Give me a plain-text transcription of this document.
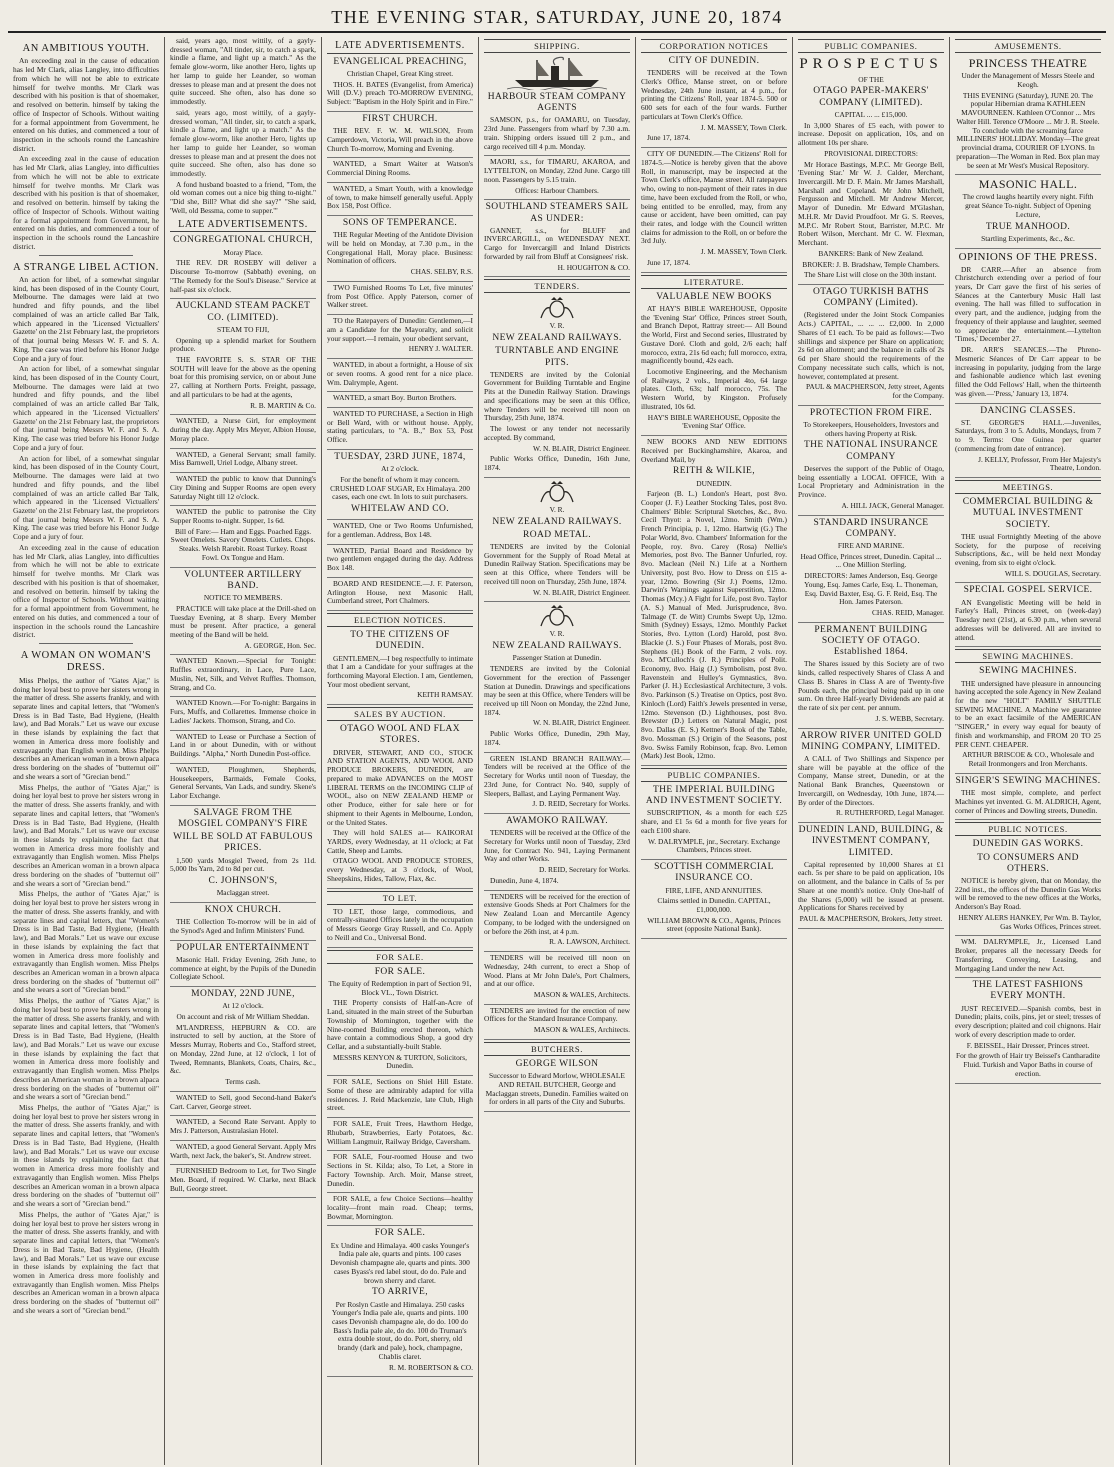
THE EVENING STAR, SATURDAY, JUNE 20, 1874
AN AMBITIOUS YOUTH.

An exceeding zeal in the cause of education has led Mr Clark, alias Langley, into difficulties from which he will not be able to extricate himself for twelve months. Mr Clark was described with his position is that of shoemaker, and resolved on betterin. himself by taking the office of Inspector of Schools. Without waiting for a formal appointment from Government, he entered on his duties, and commenced a tour of inspection in the schools round the Lancashire district.

An exceeding zeal in the cause of education has led Mr Clark, alias Langley, into difficulties from which he will not be able to extricate himself for twelve months. Mr Clark was described with his position is that of shoemaker, and resolved on betterin. himself by taking the office of Inspector of Schools. Without waiting for a formal appointment from Government, he entered on his duties, and commenced a tour of inspection in the schools round the Lancashire district.

A STRANGE LIBEL ACTION.

An action for libel, of a somewhat singular kind, has been disposed of in the County Court, Melbourne. The damages were laid at two hundred and fifty pounds, and the libel complained of was an article called Bar Talk, which appeared in the 'Licensed Victuallers' Gazette' on the 21st February last, the proprietors of that journal being Messrs W. F. and S. A. King. The case was tried before his Honor Judge Cope and a jury of four.

An action for libel, of a somewhat singular kind, has been disposed of in the County Court, Melbourne. The damages were laid at two hundred and fifty pounds, and the libel complained of was an article called Bar Talk, which appeared in the 'Licensed Victuallers' Gazette' on the 21st February last, the proprietors of that journal being Messrs W. F. and S. A. King. The case was tried before his Honor Judge Cope and a jury of four.

An action for libel, of a somewhat singular kind, has been disposed of in the County Court, Melbourne. The damages were laid at two hundred and fifty pounds, and the libel complained of was an article called Bar Talk, which appeared in the 'Licensed Victuallers' Gazette' on the 21st February last, the proprietors of that journal being Messrs W. F. and S. A. King. The case was tried before his Honor Judge Cope and a jury of four.

An exceeding zeal in the cause of education has led Mr Clark, alias Langley, into difficulties from which he will not be able to extricate himself for twelve months. Mr Clark was described with his position is that of shoemaker, and resolved on betterin. himself by taking the office of Inspector of Schools. Without waiting for a formal appointment from Government, he entered on his duties, and commenced a tour of inspection in the schools round the Lancashire district.

A WOMAN ON WOMAN'S DRESS.

Miss Phelps, the author of "Gates Ajar," is doing her loyal best to prove her sisters wrong in the matter of dress. She asserts frankly, and with separate lines and capital letters, that "Women's Dress is in Bad Taste, Bad Hygiene, (Health law), and Bad Morals." Let us wave our excuse in these islands by explaining the fact that women in America dress more foolishly and extravagantly than English women. Miss Phelps describes an American woman in a brown alpaca dress bordering on the shades of "butternut oil" and she wears a sort of "Grecian bend."

Miss Phelps, the author of "Gates Ajar," is doing her loyal best to prove her sisters wrong in the matter of dress. She asserts frankly, and with separate lines and capital letters, that "Women's Dress is in Bad Taste, Bad Hygiene, (Health law), and Bad Morals." Let us wave our excuse in these islands by explaining the fact that women in America dress more foolishly and extravagantly than English women. Miss Phelps describes an American woman in a brown alpaca dress bordering on the shades of "butternut oil" and she wears a sort of "Grecian bend."

Miss Phelps, the author of "Gates Ajar," is doing her loyal best to prove her sisters wrong in the matter of dress. She asserts frankly, and with separate lines and capital letters, that "Women's Dress is in Bad Taste, Bad Hygiene, (Health law), and Bad Morals." Let us wave our excuse in these islands by explaining the fact that women in America dress more foolishly and extravagantly than English women. Miss Phelps describes an American woman in a brown alpaca dress bordering on the shades of "butternut oil" and she wears a sort of "Grecian bend."

Miss Phelps, the author of "Gates Ajar," is doing her loyal best to prove her sisters wrong in the matter of dress. She asserts frankly, and with separate lines and capital letters, that "Women's Dress is in Bad Taste, Bad Hygiene, (Health law), and Bad Morals." Let us wave our excuse in these islands by explaining the fact that women in America dress more foolishly and extravagantly than English women. Miss Phelps describes an American woman in a brown alpaca dress bordering on the shades of "butternut oil" and she wears a sort of "Grecian bend."

Miss Phelps, the author of "Gates Ajar," is doing her loyal best to prove her sisters wrong in the matter of dress. She asserts frankly, and with separate lines and capital letters, that "Women's Dress is in Bad Taste, Bad Hygiene, (Health law), and Bad Morals." Let us wave our excuse in these islands by explaining the fact that women in America dress more foolishly and extravagantly than English women. Miss Phelps describes an American woman in a brown alpaca dress bordering on the shades of "butternut oil" and she wears a sort of "Grecian bend."

Miss Phelps, the author of "Gates Ajar," is doing her loyal best to prove her sisters wrong in the matter of dress. She asserts frankly, and with separate lines and capital letters, that "Women's Dress is in Bad Taste, Bad Hygiene, (Health law), and Bad Morals." Let us wave our excuse in these islands by explaining the fact that women in America dress more foolishly and extravagantly than English women. Miss Phelps describes an American woman in a brown alpaca dress bordering on the shades of "butternut oil" and she wears a sort of "Grecian bend."

said, years ago, most wittily, of a gayly-dressed woman, "All tinder, sir, to catch a spark, kindle a flame, and light up a match." As the female glow-worm, like another Hero, lights up her lamp to guide her Leander, so woman dresses to please man and at present the does not quite succeed. She often, also has done so immodestly.

said, years ago, most wittily, of a gayly-dressed woman, "All tinder, sir, to catch a spark, kindle a flame, and light up a match." As the female glow-worm, like another Hero, lights up her lamp to guide her Leander, so woman dresses to please man and at present the does not quite succeed. She often, also has done so immodestly.

A fond husband boasted to a friend, "Tom, the old woman comes out a nice big thing to-night." "Did she, Bill? What did she say?" "She said, 'Well, old Bessma, come to supper.'"

LATE ADVERTISEMENTS.

CONGREGATIONAL CHURCH,

Moray Place.

THE REV. DR ROSEBY will deliver a Discourse To-morrow (Sabbath) evening, on "The Remedy for the Soul's Disease." Service at half-past six o'clock.

AUCKLAND STEAM PACKET CO. (LIMITED).

STEAM TO FIJI,

Opening up a splendid market for Southern produce.

THE FAVORITE S. S. STAR OF THE SOUTH will leave for the above as the opening boat for this promising service, on or about June 27, calling at Northern Ports. Freight, passage, and all particulars to be had at the agents,

R. B. MARTIN & Co.

WANTED, a Nurse Girl, for employment during the day. Apply Mrs Meyer, Albion House, Moray place.

WANTED, a General Servant; small family. Miss Barnwell, Uriel Lodge, Albany street.

WANTED the public to know that Dunning's City Dining and Supper Rooms are open every Saturday Night till 12 o'clock.

WANTED the public to patronise the City Supper Rooms to-night. Supper, 1s 6d.

Bill of Fare:— Ham and Eggs. Poached Eggs. Sweet Omelets. Savory Omelets. Cutlets. Chops. Steaks. Welsh Rarebit. Roast Turkey. Roast Fowl. Ox Tongue and Ham.

VOLUNTEER ARTILLERY BAND.

NOTICE TO MEMBERS.

PRACTICE will take place at the Drill-shed on Tuesday Evening, at 8 sharp. Every Member must be present. After practice, a general meeting of the Band will be held.

A. GEORGE, Hon. Sec.

WANTED Known.—Special for Tonight: Ruffles extraordinary, in Lace, Pure Lace, Muslin, Net, Silk, and Velvet Ruffles. Thomson, Strang, and Co.

WANTED Known.—For To-night: Bargains in Furs, Muffs, and Collarettes. Immense choice in Ladies' Jackets. Thomson, Strang, and Co.

WANTED to Lease or Purchase a Section of Land in or about Dunedin, with or without Buildings. "Alpha," North Dunedin Post-office.

WANTED, Ploughmen, Shepherds, Housekeepers, Barmaids, Female Cooks, General Servants, Van Lads, and sundry. Skene's Labor Exchange.

SALVAGE FROM THE MOSGIEL COMPANY'S FIRE

WILL BE SOLD AT FABULOUS PRICES.

1,500 yards Mosgiel Tweed, from 2s 11d. 5,000 lbs Yarn, 2d to 8d per cut.

C. JOHNSON'S,

Maclaggan street.

KNOX CHURCH.

THE Collection To-morrow will be in aid of the Synod's Aged and Infirm Ministers' Fund.

POPULAR ENTERTAINMENT

Masonic Hall. Friday Evening, 26th June, to commence at eight, by the Pupils of the Dunedin Collegiate School.

MONDAY, 22ND JUNE,

At 12 o'clock.

On account and risk of Mr William Sheddan.

M'LANDRESS, HEPBURN & CO. are instructed to sell by auction, at the Store of Messrs Murray, Roberts and Co., Stafford street, on Monday, 22nd June, at 12 o'clock, 1 lot of Tweed, Remnants, Blankets, Coats, Chairs, &c., &c.

Terms cash.

WANTED to Sell, good Second-hand Baker's Cart. Carver, George street.

WANTED, a Second Rate Servant. Apply to Mrs J. Patterson, Australasian Hotel.

WANTED, a good General Servant. Apply Mrs Warth, next Jack, the baker's, St. Andrew street.

FURNISHED Bedroom to Let, for Two Single Men. Board, if required. W. Clarke, next Black Bull, George street.

LATE ADVERTISEMENTS.

EVANGELICAL PREACHING,

Christian Chapel, Great King street.

THOS. H. BATES (Evangelist, from America) Will (D.V.) preach TO-MORROW EVENING, Subject: "Baptism in the Holy Spirit and in Fire."

FIRST CHURCH.

THE REV. F. W. M. WILSON, From Camperdown, Victoria, Will preach in the above Church To-morrow, Morning and Evening.

WANTED, a Smart Waiter at Watson's Commercial Dining Rooms.

WANTED, a Smart Youth, with a knowledge of town, to make himself generally useful. Apply Box 158, Post Office.

SONS OF TEMPERANCE.

THE Regular Meeting of the Antidote Division will be held on Monday, at 7.30 p.m., in the Congregational Hall, Moray place. Business: Nomination of officers.

CHAS. SELBY, R.S.

TWO Furnished Rooms To Let, five minutes' from Post Office. Apply Paterson, corner of Walker street.

TO the Ratepayers of Dunedin: Gentlemen,—I am a Candidate for the Mayoralty, and solicit your support.—I remain, your obedient servant,

HENRY J. WALTER.

WANTED, in about a fortnight, a House of six or seven rooms. A good rent for a nice place. Wm. Dalrymple, Agent.

WANTED, a smart Boy. Burton Brothers.

WANTED TO PURCHASE, a Section in High or Bell Ward, with or without house. Apply, stating particulars, to "A. B.," Box 53, Post Office.

TUESDAY, 23RD JUNE, 1874,

At 2 o'clock.

For the benefit of whom it may concern. CRUSHED LOAF SUGAR, Ex Himalaya. 200 cases, each one cwt. In lots to suit purchasers.

WHITELAW AND CO.

WANTED, One or Two Rooms Unfurnished, for a gentleman. Address, Box 148.

WANTED, Partial Board and Residence by two gentlemen engaged during the day. Address Box 148.

BOARD AND RESIDENCE.—J. F. Paterson, Arlington House, next Masonic Hall, Cumberland street, Port Chalmers.

ELECTION NOTICES.

TO THE CITIZENS OF DUNEDIN.

GENTLEMEN,—I beg respectfully to intimate that I am a Candidate for your suffrages at the forthcoming Mayoral Election. I am, Gentlemen, Your most obedient servant,

KEITH RAMSAY.

SALES BY AUCTION.

OTAGO WOOL AND FLAX STORES.

DRIVER, STEWART, AND CO., STOCK AND STATION AGENTS, AND WOOL AND PRODUCE BROKERS, DUNEDIN, are prepared to make ADVANCES on the MOST LIBERAL TERMS on the INCOMING CLIP of WOOL, also on NEW ZEALAND HEMP or other Produce, either for sale here or for shipment to their Agents in Melbourne, London, or the United States.

They will hold SALES at— KAIKORAI YARDS, every Wednesday, at 11 o'clock; at Fat Cattle, Sheep and Lambs.

OTAGO WOOL AND PRODUCE STORES, every Wednesday, at 3 o'clock, of Wool, Sheepskins, Hides, Tallow, Flax, &c.

TO LET.

TO LET, those large, commodious, and centrally-situated Offices lately in the occupation of Messrs George Gray Russell, and Co. Apply to Neill and Co., Universal Bond.

FOR SALE.

FOR SALE.

The Equity of Redemption in part of Section 91, Block VL., Town District.

THE Property consists of Half-an-Acre of Land, situated in the main street of the Suburban Township of Mornington, together with the Nine-roomed Building erected thereon, which have contain a commodious Shop, a good dry Cellar, and a substantially-built Stable.

MESSRS KENYON & TURTON, Solicitors, Dunedin.

FOR SALE, Sections on Shiel Hill Estate. Some of these are admirably adapted for villa residences. J. Reid Mackenzie, late Club, High street.

FOR SALE, Fruit Trees, Hawthorn Hedge, Rhubarb, Strawberries, Early Potatoes, &c. William Langmuir, Railway Bridge, Caversham.

FOR SALE, Four-roomed House and two Sections in St. Kilda; also, To Let, a Store in Factory Township. Arch. Moir, Manse street, Dunedin.

FOR SALE, a few Choice Sections—healthy locality—front main road. Cheap; terms, Bowmar, Mornington.

FOR SALE.

Ex Undine and Himalaya. 400 casks Younger's India pale ale, quarts and pints. 100 cases Devonish champagne ale, quarts and pints. 300 cases Byass's red label stout, do do. Pale and brown sherry and claret.

TO ARRIVE,

Per Roslyn Castle and Himalaya. 250 casks Younger's India pale ale, quarts and pints. 100 cases Devonish champagne ale, do do. 100 do Bass's India pale ale, do do. 100 do Truman's extra double stout, do do. Port, sherry, old brandy (dark and pale), hock, champagne, Chablis claret.

R. M. ROBERTSON & CO.

SHIPPING.

HARBOUR STEAM COMPANY AGENTS

SAMSON, p.s., for OAMARU, on Tuesday, 23rd June. Passengers from wharf by 7.30 a.m. train. Shipping orders issued till 2 p.m., and cargo received till 4 p.m. Monday.

MAORI, s.s., for TIMARU, AKAROA, and LYTTELTON, on Monday, 22nd June. Cargo till noon. Passengers by 5.15 train.

Offices: Harbour Chambers.

SOUTHLAND STEAMERS SAIL AS UNDER:

GANNET, s.s., for BLUFF and INVERCARGILL, on WEDNESDAY NEXT. Cargo for Invercargill and Inland Districts forwarded by rail from Bluff at Consignees' risk.

H. HOUGHTON & CO.

TENDERS.

V. R.

NEW ZEALAND RAILWAYS.

TURNTABLE AND ENGINE PITS.

TENDERS are invited by the Colonial Government for Building Turntable and Engine Pits at the Dunedin Railway Station. Drawings and specifications may be seen at this Office, where Tenders will be received till noon on Thursday, 25th June, 1874.

The lowest or any tender not necessarily accepted. By command,

W. N. BLAIR, District Engineer.

Public Works Office, Dunedin, 16th June, 1874.

V. R.

NEW ZEALAND RAILWAYS.

ROAD METAL.

TENDERS are invited by the Colonial Government for the Supply of Road Metal at Dunedin Railway Station. Specifications may be seen at this Office, where Tenders will be received till noon on Thursday, 25th June, 1874.

W. N. BLAIR, District Engineer.

V. R.

NEW ZEALAND RAILWAYS.

Passenger Station at Dunedin.

TENDERS are invited by the Colonial Government for the erection of Passenger Station at Dunedin. Drawings and specifications may be seen at this Office, where Tenders will be received up till Noon on Monday, the 22nd June, 1874.

W. N. BLAIR, District Engineer.

Public Works Office, Dunedin, 29th May, 1874.

GREEN ISLAND BRANCH RAILWAY.—Tenders will be received at the Office of the Secretary for Works until noon of Tuesday, the 23rd June, for Contract No. 940, supply of Sleepers, Ballast, and Laying Permanent Way.

J. D. REID, Secretary for Works.

AWAMOKO RAILWAY.

TENDERS will be received at the Office of the Secretary for Works until noon of Tuesday, 23rd June, for Contract No. 941, Laying Permanent Way and other Works.

D. REID, Secretary for Works.

Dunedin, June 4, 1874.

TENDERS will be received for the erection of extensive Goods Sheds at Port Chalmers for the New Zealand Loan and Mercantile Agency Company, to be lodged with the undersigned on or before the 26th inst, at 4 p.m.

R. A. LAWSON, Architect.

TENDERS will be received till noon on Wednesday, 24th current, to erect a Shop of Wood. Plans at Mr John Dale's, Port Chalmers, and at our office.

MASON & WALES, Architects.

TENDERS are invited for the erection of new Offices for the Standard Insurance Company.

MASON & WALES, Architects.

BUTCHERS.

GEORGE WILSON

Successor to Edward Morlow, WHOLESALE AND RETAIL BUTCHER, George and Maclaggan streets, Dunedin. Families waited on for orders in all parts of the City and Suburbs.

CORPORATION NOTICES

CITY OF DUNEDIN.

TENDERS will be received at the Town Clerk's Office, Manse street, on or before Wednesday, 24th June instant, at 4 p.m., for printing the Citizens' Roll, year 1874-5. 500 or 600 sets for each of the four wards. Further particulars at Town Clerk's Office.

J. M. MASSEY, Town Clerk.

June 17, 1874.

CITY OF DUNEDIN.—The Citizens' Roll for 1874-5.—Notice is hereby given that the above Roll, in manuscript, may be inspected at the Town Clerk's office, Manse street. All ratepayers who, owing to non-payment of their rates in due time, have been excluded from the Roll, or who, being entitled to be enrolled, may, from any cause or accident, have been omitted, can pay their rates, and lodge with the Council written claims for admission to the Roll, on or before the 3rd July.

J. M. MASSEY, Town Clerk.

June 17, 1874.

LITERATURE.

VALUABLE NEW BOOKS

AT HAY'S BIBLE WAREHOUSE, Opposite the 'Evening Star' Office, Princes street South, and Branch Depot, Rattray street:— All Bound the World, First and Second series, Illustrated by Gustave Doré. Cloth and gold, 2/6 each; half morocco, extra, 21s 6d each; full morocco, extra, magnificently bound, 42s each.

Locomotive Engineering, and the Mechanism of Railways, 2 vols., Imperial 4to, 64 large plates. Cloth, 63s; half morocco, 75s. The Western World, by Kingston. Profusely illustrated, 10s 6d.

HAY'S BIBLE WAREHOUSE, Opposite the 'Evening Star' Office.

NEW BOOKS AND NEW EDITIONS Received per Buckinghamshire, Akaroa, and Overland Mail, by

REITH & WILKIE,

DUNEDIN.

Farjeon (B. L.) London's Heart, post 8vo. Cooper (J. F.) Leather Stocking Tales, post 8vo. Chalmers' Bible: Scriptural Sketches, &c., 8vo. Cecil Thyot: a Novel, 12mo. Smith (Wm.) French Principia, p. 1, 12mo. Hartwig (G.) The Polar World, 8vo. Chambers' Information for the People, roy. 8vo. Carey (Rosa) Nellie's Memories, post 8vo. The Banner Unfurled, roy. 8vo. Maclean (Neil N.) Life at a Northern University, post 8vo. How to Dress on £15 a-year, 12mo. Bowring (Sir J.) Poems, 12mo. Darwin's Warnings against Superstition, 12mo. Thomas (Mcy.) A Fight for Life, post 8vo. Taylor (A. S.) Manual of Med. Jurisprudence, 8vo. Talmage (T. de Witt) Crumbs Swept Up, 12mo. Smith (Sydney) Essays, 12mo. Monthly Packet Stories, 8vo. Lytton (Lord) Harold, post 8vo. Blackie (J. S.) Four Phases of Morals, post 8vo. Stephens (H.) Book of the Farm, 2 vols. roy. 8vo. M'Culloch's (J. R.) Principles of Polit. Economy, 8vo. Haig (J.) Symbolism, post 8vo. Ravenstein and Hulley's Gymnastics, 8vo. Parker (J. H.) Ecclesiastical Architecture, 3 vols. 8vo. Parkinson (S.) Treatise on Optics, post 8vo. Kinloch (Lord) Faith's Jewels presented in verse, 12mo. Stevenson (D.) Lighthouses, post 8vo. Brewster (D.) Letters on Natural Magic, post 8vo. Dallas (E. S.) Kettner's Book of the Table, 8vo. Mossman (S.) Origin of the Seasons, post 8vo. Swiss Family Robinson, fcap. 8vo. Lemon (Mark) Jest Book, 12mo.

PUBLIC COMPANIES.

THE IMPERIAL BUILDING AND INVESTMENT SOCIETY.

SUBSCRIPTION, 4s a month for each £25 share, and £1 5s 6d a month for five years for each £100 share.

W. DALRYMPLE, jnr., Secretary. Exchange Chambers, Princes street.

SCOTTISH COMMERCIAL INSURANCE CO.

FIRE, LIFE, AND ANNUITIES.

Claims settled in Dunedin. CAPITAL, £1,000,000.

WILLIAM BROWN & CO., Agents, Princes street (opposite National Bank).

PUBLIC COMPANIES.

PROSPECTUS

OF THE

OTAGO PAPER-MAKERS' COMPANY (LIMITED).

CAPITAL ... ... £15,000.

In 3,000 Shares of £5 each, with power to increase. Deposit on application, 10s, and on allotment 10s per share.

PROVISIONAL DIRECTORS:

Mr Horace Bastings, M.P.C. Mr George Bell, 'Evening Star.' Mr W. J. Calder, Merchant, Invercargill. Mr D. F. Main. Mr James Marshall, Marshall and Copeland. Mr John Mitchell, Fergusson and Mitchell. Mr Andrew Mercer, Mayor of Dunedin. Mr Edward M'Glashan, M.H.R. Mr David Proudfoot. Mr G. S. Reeves, M.P.C. Mr Robert Stout, Barrister, M.P.C. Mr Robert Wilson, Merchant. Mr C. W. Flexman, Merchant.

BANKERS: Bank of New Zealand.

BROKER: J. B. Bradshaw, Temple Chambers.

The Share List will close on the 30th instant.

OTAGO TURKISH BATHS COMPANY (Limited).

(Registered under the Joint Stock Companies Acts.) CAPITAL, ... ... ... £2,000. In 2,000 Shares of £1 each. To be paid as follows:—Two shillings and sixpence per Share on application; 2s 6d on allotment; and the balance in calls of 2s 6d per Share should the requirements of the Company necessitate such calls, which is not, however, contemplated at present.

PAUL & MACPHERSON, Jetty street, Agents for the Company.

PROTECTION FROM FIRE.

To Storekeepers, Householders, Investors and others having Property at Risk.

THE NATIONAL INSURANCE COMPANY

Deserves the support of the Public of Otago, being essentially a LOCAL OFFICE, With a Local Proprietary and Administration in the Province.

A. HILL JACK, General Manager.

STANDARD INSURANCE COMPANY.

FIRE AND MARINE.

Head Office, Princes street, Dunedin. Capital ... ... One Million Sterling.

DIRECTORS: James Anderson, Esq. George Young, Esq. James Carle, Esq. L. Thoneman, Esq. David Baxter, Esq. G. F. Reid, Esq. The Hon. James Paterson.

CHAS. REID, Manager.

PERMANENT BUILDING SOCIETY OF OTAGO. Established 1864.

The Shares issued by this Society are of two kinds, called respectively Shares of Class A and Class B. Shares in Class A are of Twenty-five Pounds each, the principal being paid up in one sum. On three Half-yearly Dividends are paid at the rate of six per cent. per annum.

J. S. WEBB, Secretary.

ARROW RIVER UNITED GOLD MINING COMPANY, LIMITED.

A CALL of Two Shillings and Sixpence per share will be payable at the office of the Company, Manse street, Dunedin, or at the National Bank Branches, Queenstown or Invercargill, on Wednesday, 10th June, 1874.—By order of the Directors.

R. RUTHERFORD, Legal Manager.

DUNEDIN LAND, BUILDING, & INVESTMENT COMPANY, LIMITED.

Capital represented by 10,000 Shares at £1 each. 5s per share to be paid on application, 10s on allotment, and the balance in Calls of 5s per Share at one month's notice. Only One-half of the Shares (5,000) will be issued at present. Applications for Shares received by

PAUL & MACPHERSON, Brokers, Jetty street.

AMUSEMENTS.

PRINCESS THEATRE

Under the Management of Messrs Steele and Keogh.

THIS EVENING (Saturday), JUNE 20. The popular Hibernian drama KATHLEEN MAVOURNEEN. Kathleen O'Connor ... Mrs Walter Hill. Terence O'Moore ... Mr J. R. Steele. To conclude with the screaming farce MILLINERS' HOLLIDAY. Monday—The great provincial drama, COURIER OF LYONS. In preparation—The Woman in Red. Box plan may be seen at Mr West's Musical Repository.

MASONIC HALL.

The crowd laughs heartily every night. Fifth great Séance To-night. Subject of Opening Lecture,

TRUE MANHOOD.

Startling Experiments, &c., &c.

OPINIONS OF THE PRESS.

DR CARR.—After an absence from Christchurch extending over a period of four years, Dr Carr gave the first of his series of Séances at the Canterbury Music Hall last evening. The hall was filled to suffocation in every part, and the audience, judging from the frequency of their applause and laughter, seemed to appreciate the entertainment.—Lyttelton 'Times,' December 27.

DR. ARR'S SEANCES.—The Phreno-Mesmeric Séances of Dr Carr appear to be increasing in popularity, judging from the large and fashionable audience which last evening filled the Odd Fellows' Hall, when the thirteenth was given.—'Press,' January 13, 1874.

DANCING CLASSES.

ST. GEORGE'S HALL.—Juveniles, Saturdays, from 3 to 5. Adults, Mondays, from 7 to 9. Terms: One Guinea per quarter (commencing from date of entrance).

J. KELLY, Professor, From Her Majesty's Theatre, London.

MEETINGS.

COMMERCIAL BUILDING & MUTUAL INVESTMENT SOCIETY.

THE usual Fortnightly Meeting of the above Society, for the purpose of receiving Subscriptions, &c., will be held next Monday evening, from six to eight o'clock.

WILL S. DOUGLAS, Secretary.

SPECIAL GOSPEL SERVICE.

AN Evangelistic Meeting will be held in Farley's Hall, Princes street, on (week-day) Tuesday next (21st), at 6.30 p.m., when several addresses will be delivered. All are invited to attend.

SEWING MACHINES.

SEWING MACHINES.

THE undersigned have pleasure in announcing having accepted the sole Agency in New Zealand for the new "HOLT" FAMILY SHUTTLE SEWING MACHINE. A Machine we guarantee to be an exact facsimile of the AMERICAN "SINGER," in every way equal for beauty of finish and workmanship, and FROM 20 TO 25 PER CENT. CHEAPER.

ARTHUR BRISCOE & CO., Wholesale and Retail Ironmongers and Iron Merchants.

SINGER'S SEWING MACHINES.

THE most simple, complete, and perfect Machines yet invented. G. M. ALDRICH, Agent, corner of Princes and Dowling streets, Dunedin.

PUBLIC NOTICES.

DUNEDIN GAS WORKS.

TO CONSUMERS AND OTHERS.

NOTICE is hereby given, that on Monday, the 22nd inst., the offices of the Dunedin Gas Works will be removed to the new offices at the Works, Anderson's Bay Road.

HENRY ALERS HANKEY, Per Wm. B. Taylor, Gas Works Offices, Princes street.

WM. DALRYMPLE, Jr., Licensed Land Broker, prepares all the necessary Deeds for Transferring, Conveying, Leasing, and Mortgaging Land under the new Act.

THE LATEST FASHIONS EVERY MONTH.

JUST RECEIVED.—Spanish combs, best in Dunedin; plaits, coils, pins, jet or steel; tresses of every description; plaited and coil chignons. Hair work of every description made to order.

F. BEISSEL, Hair Dresser, Princes street.

For the growth of Hair try Beissel's Cantharadite Fluid. Turkish and Vapor Baths in course of erection.
